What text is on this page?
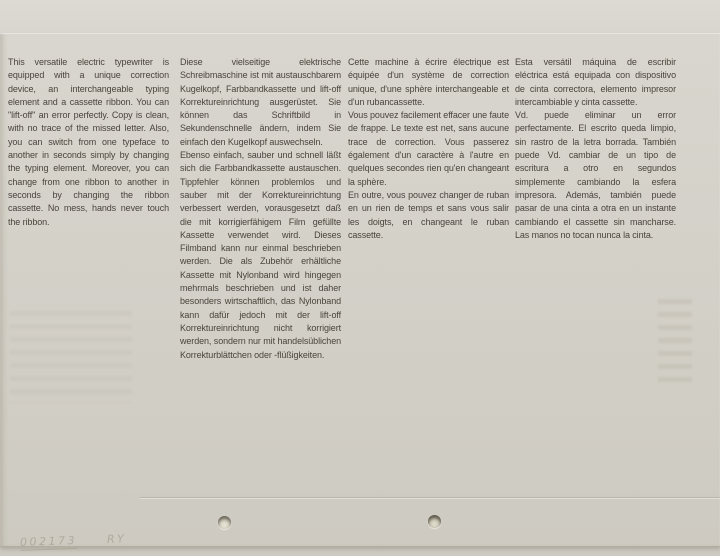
This versatile electric typewriter is equipped with a unique correction device, an interchangeable typing element and a cassette ribbon. You can "lift-off" an error perfectly. Copy is clean, with no trace of the missed letter. Also, you can switch from one typeface to another in seconds simply by changing the typing element. Moreover, you can change from one ribbon to another in seconds by changing the ribbon cassette. No mess, hands never touch the ribbon.

Diese vielseitige elektrische Schreibmaschine ist mit austauschbarem Kugelkopf, Farbbandkassette und lift-off Korrektureinrichtung ausgerüstet. Sie können das Schriftbild in Sekundenschnelle ändern, indem Sie einfach den Kugelkopf auswechseln.

Ebenso einfach, sauber und schnell läßt sich die Farbbandkassette austauschen. Tippfehler können problemlos und sauber mit der Korrektureinrichtung verbessert werden, vorausgesetzt daß die mit korrigierfähigem Film gefüllte Kassette verwendet wird. Dieses Filmband kann nur einmal beschrieben werden. Die als Zubehör erhältliche Kassette mit Nylonband wird hingegen mehrmals beschrieben und ist daher besonders wirtschaftlich, das Nylonband kann dafür jedoch mit der lift-off Korrektureinrichtung nicht korrigiert werden, sondern nur mit handelsüblichen Korrekturblättchen oder -flüßigkeiten.

Cette machine à écrire électrique est équipée d'un système de correction unique, d'une sphère interchangeable et d'un rubancassette.

Vous pouvez facilement effacer une faute de frappe. Le texte est net, sans aucune trace de correction. Vous passerez également d'un caractère à l'autre en quelques secondes rien qu'en changeant la sphère.

En outre, vous pouvez changer de ruban en un rien de temps et sans vous salir les doigts, en changeant le ruban cassette.

Esta versátil máquina de escribir eléctrica está equipada con dispositivo de cinta correctora, elemento impresor intercambiable y cinta cassette.

Vd. puede eliminar un error perfectamente. El escrito queda limpio, sin rastro de la letra borrada. También puede Vd. cambiar de un tipo de escritura a otro en segundos simplemente cambiando la esfera impresora. Además, también puede pasar de una cinta a otra en un instante cambiando el cassette sin mancharse. Las manos no tocan nunca la cinta.

002173	RY
